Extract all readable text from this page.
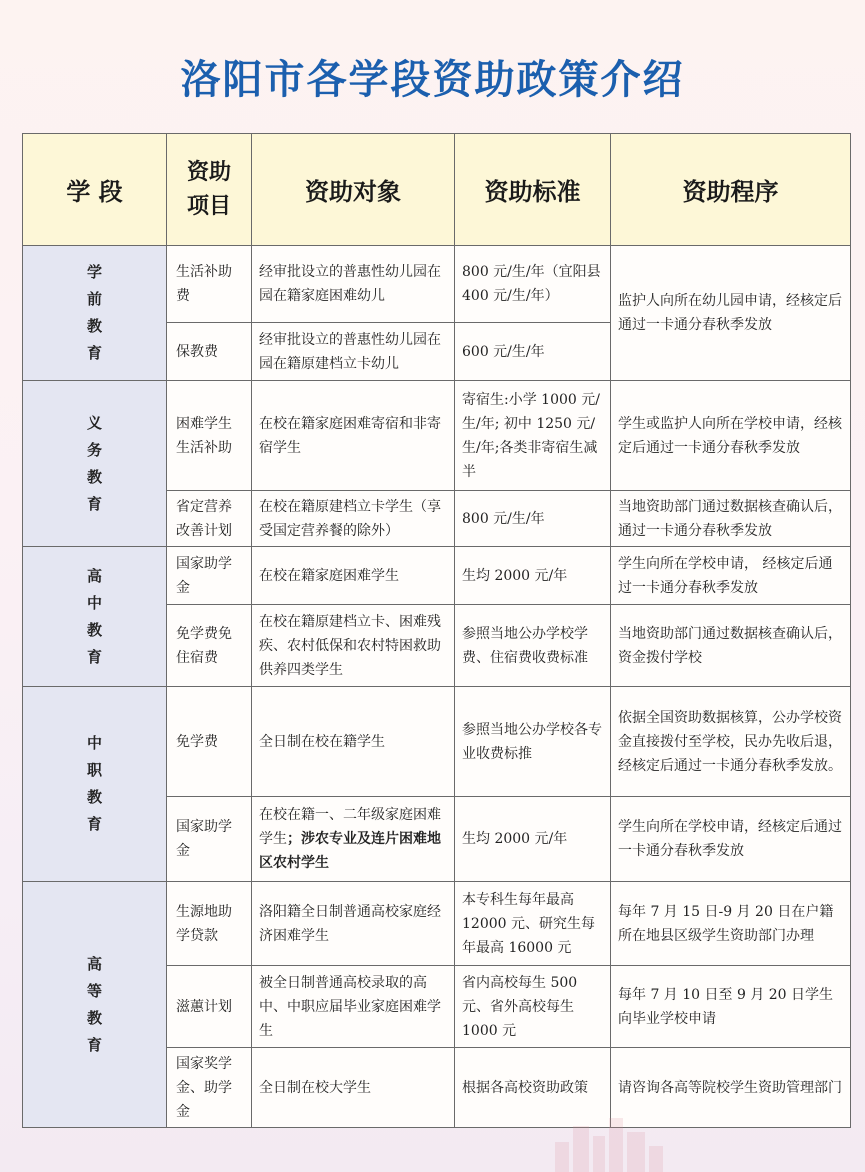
洛阳市各学段资助政策介绍
学 段	资助项目	资助对象	资助标准	资助程序
学前教育	生活补助费	经审批设立的普惠性幼儿园在园在籍家庭困难幼儿	800 元/生/年（宜阳县 400 元/生/年）	监护人向所在幼儿园申请，经核定后通过一卡通分春秋季发放
	保教费	经审批设立的普惠性幼儿园在园在籍原建档立卡幼儿	600 元/生/年	
义务教育	困难学生生活补助	在校在籍家庭困难寄宿和非寄宿学生	寄宿生:小学 1000 元/生/年; 初中 1250 元/生/年;各类非寄宿生减半	学生或监护人向所在学校申请，经核定后通过一卡通分春秋季发放
	省定营养改善计划	在校在籍原建档立卡学生（享受国定营养餐的除外）	800 元/生/年	当地资助部门通过数据核查确认后，通过一卡通分春秋季发放
高中教育	国家助学金	在校在籍家庭困难学生	生均 2000 元/年	学生向所在学校申请， 经核定后通过一卡通分春秋季发放
	免学费免住宿费	在校在籍原建档立卡、困难残疾、农村低保和农村特困救助供养四类学生	参照当地公办学校学费、住宿费收费标准	当地资助部门通过数据核查确认后，资金拨付学校
中职教育	免学费	全日制在校在籍学生	参照当地公办学校各专业收费标推	依据全国资助数据核算，公办学校资金直接拨付至学校，民办先收后退，经核定后通过一卡通分春秋季发放。
	国家助学金	在校在籍一、二年级家庭困难学生；涉农专业及连片困难地区农村学生	生均 2000 元/年	学生向所在学校申请，经核定后通过一卡通分春秋季发放
高等教育	生源地助学贷款	洛阳籍全日制普通高校家庭经济困难学生	本专科生每年最高 12000 元、研究生每年最高 16000 元	每年 7 月 15 日-9 月 20 日在户籍所在地县区级学生资助部门办理
	滋蕙计划	被全日制普通高校录取的高中、中职应届毕业家庭困难学生	省内高校每生 500 元、省外高校每生 1000 元	每年 7 月 10 日至 9 月 20 日学生向毕业学校申请
	国家奖学金、助学金	全日制在校大学生	根据各高校资助政策	请咨询各高等院校学生资助管理部门
